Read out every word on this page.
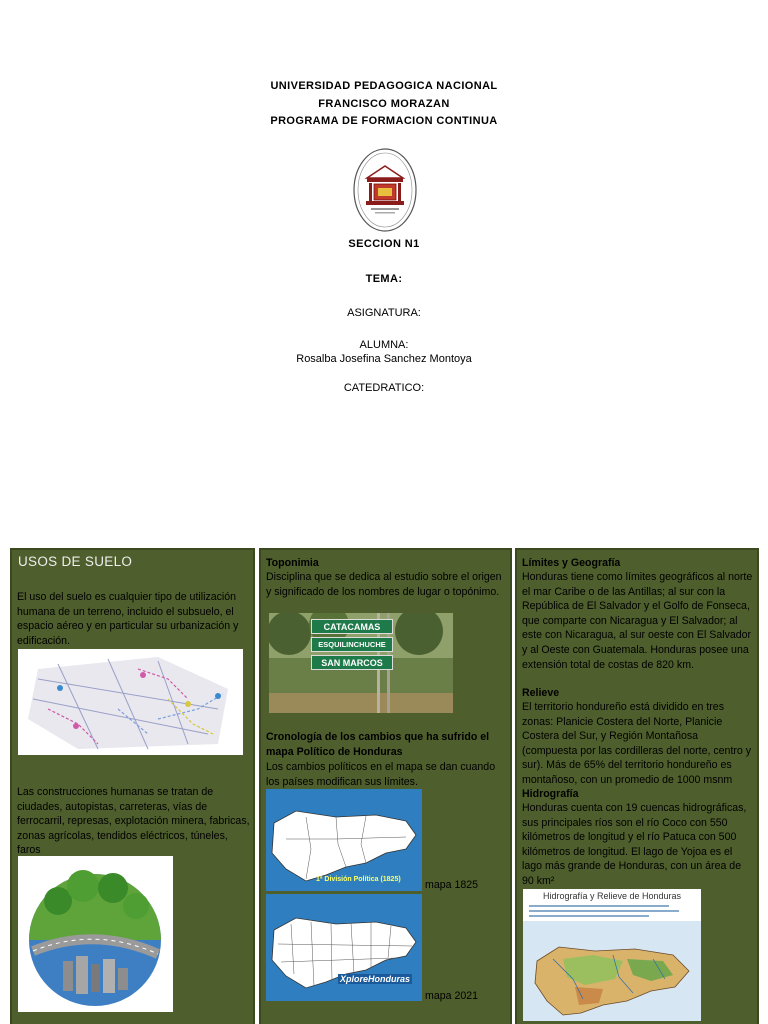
UNIVERSIDAD PEDAGOGICA NACIONAL
FRANCISCO MORAZAN
PROGRAMA DE FORMACION CONTINUA
SECCION N1
TEMA:
ASIGNATURA:
ALUMNA:
Rosalba Josefina Sanchez Montoya
CATEDRATICO:
USOS DE SUELO
El uso del suelo es cualquier tipo de utilización humana de un terreno, incluido el subsuelo, el espacio aéreo y en particular su urbanización y edificación.
Las construcciones humanas se tratan de ciudades, autopistas, carreteras, vías de ferrocarril, represas, explotación minera, fabricas, zonas agrícolas, tendidos eléctricos, túneles, faros
Toponimia
Disciplina que se dedica al estudio sobre el origen y significado de los nombres de lugar o topónimo.
CATACAMAS
ESQUILINCHUCHE
SAN MARCOS
Cronología de los cambios que ha sufrido el mapa Político de Honduras
Los cambios políticos en el mapa se dan cuando los países modifican sus límites.
1ª División Política (1825) mapa 1825
XploreHonduras
mapa 2021
Límites y Geografía
Honduras tiene como límites geográficos al norte el mar Caribe o de las Antillas; al sur con la República de El Salvador y el Golfo de Fonseca, que comparte con Nicaragua y El Salvador; al este con Nicaragua, al sur oeste con El Salvador y al Oeste con Guatemala. Honduras posee una extensión total de costas de 820 km.
Relieve
El territorio hondureño está dividido en tres zonas: Planicie Costera del Norte, Planicie Costera del Sur, y Región Montañosa (compuesta por las cordilleras del norte, centro y sur). Más de 65% del territorio hondureño es montañoso, con un promedio de 1000 msnm
Hidrografía
Honduras cuenta con 19 cuencas hidrográficas, sus principales ríos son el río Coco con 550 kilómetros de longitud y el río Patuca con 500 kilómetros de longitud. El lago de Yojoa es el lago más grande de Honduras, con un área de 90 km²
Hidrografía y Relieve de Honduras
